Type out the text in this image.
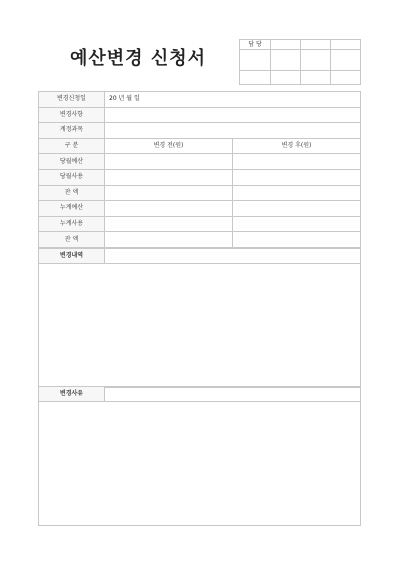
예산변경 신청서
담 당			

변경신청일	20 년 월 일	
변경사항		
계정과목		
구 분	변경 전(원)	변경 후(원)
당월예산		
당월사용		
잔 액		
누계예산		
누계사용		
잔 액		
변경내역
변경사유
